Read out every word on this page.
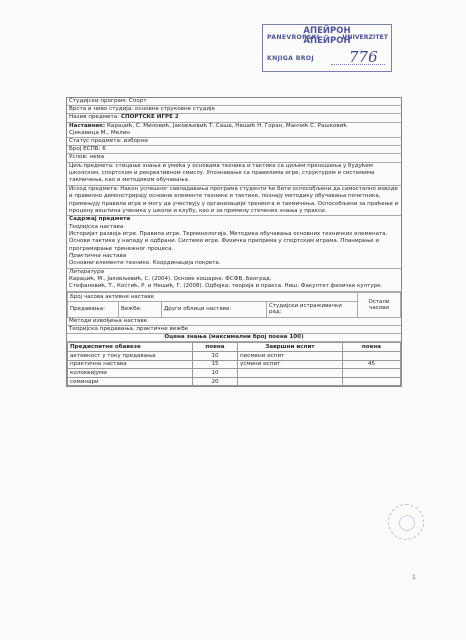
PANEVROPSKI
АПЕЙРОН
АПЕЙРОН
UNIVERZITET
KNJIGA BROJ 776
Студијски програм: Спорт
Врста и ниво студија: основне струковне студије
Назив предмета: СПОРТСКЕ ИГРЕ 2
Наставник: Караџић, С. Миловић, Јаковљевић Т. Саша, Нешић Н. Горан, Манчић С. Рашковић
Сјекавица М., Мелин
Статус предмета: изборни
Број ЕСПБ: 6
Услов: нема
Циљ предмета: стицање знања и умећа у основама техника и тактике са циљем преношења у будућем школском, спортском и рекреативном смислу. Упознавање са правилима игре, структуром и системима такмичења, као и методиком обучавања.
Исход предмета: Након успешног савладавања програма студенти ће бити оспособљени да самостално изводе и правилно демонстрирају основне елементе технике и тактике, познају методику обучавања почетника, примењују правила игре и могу да учествују у организацији тренинга и такмичења. Оспособљени за праћење и процену вештина ученика у школи и клубу, као и за примену стечених знања у пракси.
Садржај предмета
Теоријска настава
Историјат развоја игре. Правила игре. Терминологија. Методика обучавања основних техничких елемената. Основи тактике у нападу и одбрани. Системи игре. Физичка припрема у спортским играма. Планирање и програмирање тренажног процеса.
Практична настава
Основни елементи технике. Координација покрета.
Литература
Караџић, М., Јаковљевић, С. (2004). Основе кошарке. ФСФВ, Београд.
Стефановић, Т., Костић, Р. и Нешић, Г. (2008). Одбојка: теорија и пракса. Ниш: Факултет физичке културе.
Број часова активне наставе				Остали часови
Предавања:	Вежбе:	Други облици наставе:	Студијски истраживачки рад:	
Методе извођења наставе
Теоријска предавања, практичне вежбе
Оцена знања (максимални број поена 100)
Предиспитне обавезе	поена	Завршни испит	поена
активност у току предавања	10	писмени испит	
практична настава	15	усмени испит	45
колоквијуми	10		
семинари	20		
1
